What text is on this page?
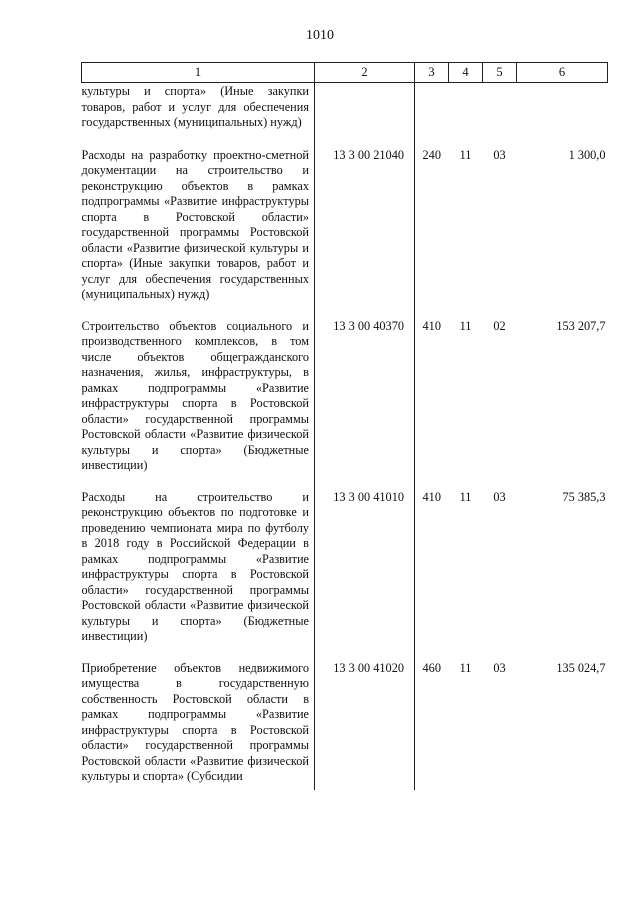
1010
1	2	3	4	5	6
культуры и спорта» (Иные закупки товаров, работ и услуг для обеспечения государственных (муниципальных) нужд)					
Расходы на разработку проектно-сметной документации на строительство и реконструкцию объектов в рамках подпрограммы «Развитие инфраструктуры спорта в Ростовской области» государственной программы Ростовской области «Развитие физической культуры и спорта» (Иные закупки товаров, работ и услуг для обеспечения государственных (муниципальных) нужд)	13 3 00 21040	240	11	03	1 300,0
Строительство объектов социального и производственного комплексов, в том числе объектов общегражданского назначения, жилья, инфраструктуры, в рамках подпрограммы «Развитие инфраструктуры спорта в Ростовской области» государственной программы Ростовской области «Развитие физической культуры и спорта» (Бюджетные инвестиции)	13 3 00 40370	410	11	02	153 207,7
Расходы на строительство и реконструкцию объектов по подготовке и проведению чемпионата мира по футболу в 2018 году в Российской Федерации в рамках подпрограммы «Развитие инфраструктуры спорта в Ростовской области» государственной программы Ростовской области «Развитие физической культуры и спорта» (Бюджетные инвестиции)	13 3 00 41010	410	11	03	75 385,3
Приобретение объектов недвижимого имущества в государственную собственность Ростовской области в рамках подпрограммы «Развитие инфраструктуры спорта в Ростовской области» государственной программы Ростовской области «Развитие физической культуры и спорта» (Субсидии	13 3 00 41020	460	11	03	135 024,7
